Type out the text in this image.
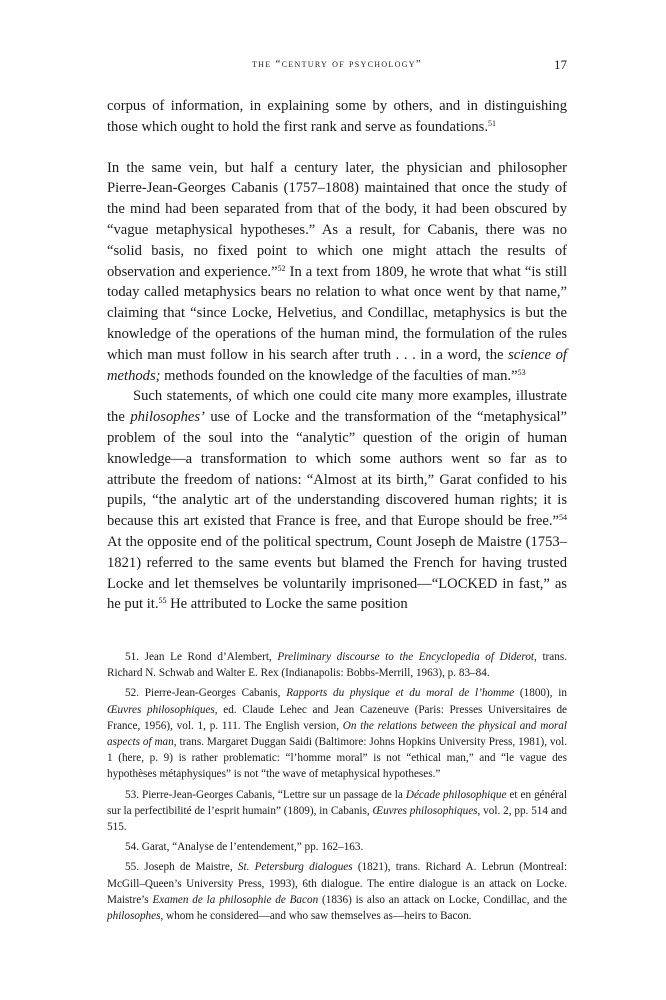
the “century of psychology”	17

corpus of information, in explaining some by others, and in distinguishing those which ought to hold the first rank and serve as foundations.$^{51}$

In the same vein, but half a century later, the physician and philosopher Pierre-Jean-Georges Cabanis (1757–1808) maintained that once the study of the mind had been separated from that of the body, it had been obscured by “vague metaphysical hypotheses.” As a result, for Cabanis, there was no “solid basis, no fixed point to which one might attach the results of observation and experience.”$^{52}$ In a text from 1809, he wrote that what “is still today called metaphysics bears no relation to what once went by that name,” claiming that “since Locke, Helvetius, and Condillac, metaphysics is but the knowledge of the operations of the human mind, the formulation of the rules which man must follow in his search after truth . . . in a word, the science of methods; methods founded on the knowledge of the faculties of man.”$^{53}$

Such statements, of which one could cite many more examples, illustrate the philosophes’ use of Locke and the transformation of the “metaphysical” problem of the soul into the “analytic” question of the origin of human knowledge—a transformation to which some authors went so far as to attribute the freedom of nations: “Almost at its birth,” Garat confided to his pupils, “the analytic art of the understanding discovered human rights; it is because this art existed that France is free, and that Europe should be free.”$^{54}$ At the opposite end of the political spectrum, Count Joseph de Maistre (1753–1821) referred to the same events but blamed the French for having trusted Locke and let themselves be voluntarily imprisoned—“LOCKED in fast,” as he put it.$^{55}$ He attributed to Locke the same position

51. Jean Le Rond d’Alembert, Preliminary discourse to the Encyclopedia of Diderot, trans. Richard N. Schwab and Walter E. Rex (Indianapolis: Bobbs-Merrill, 1963), p. 83–84.

52. Pierre-Jean-Georges Cabanis, Rapports du physique et du moral de l’homme (1800), in Œuvres philosophiques, ed. Claude Lehec and Jean Cazeneuve (Paris: Presses Universitaires de France, 1956), vol. 1, p. 111. The English version, On the relations between the physical and moral aspects of man, trans. Margaret Duggan Saidi (Baltimore: Johns Hopkins University Press, 1981), vol. 1 (here, p. 9) is rather problematic: “l’homme moral” is not “ethical man,” and “le vague des hypothèses métaphysiques” is not “the wave of metaphysical hypotheses.”

53. Pierre-Jean-Georges Cabanis, “Lettre sur un passage de la Décade philosophique et en général sur la perfectibilité de l’esprit humain” (1809), in Cabanis, Œuvres philosophiques, vol. 2, pp. 514 and 515.

54. Garat, “Analyse de l’entendement,” pp. 162–163.

55. Joseph de Maistre, St. Petersburg dialogues (1821), trans. Richard A. Lebrun (Montreal: McGill–Queen’s University Press, 1993), 6th dialogue. The entire dialogue is an attack on Locke. Maistre’s Examen de la philosophie de Bacon (1836) is also an attack on Locke, Condillac, and the philosophes, whom he considered—and who saw themselves as—heirs to Bacon.
